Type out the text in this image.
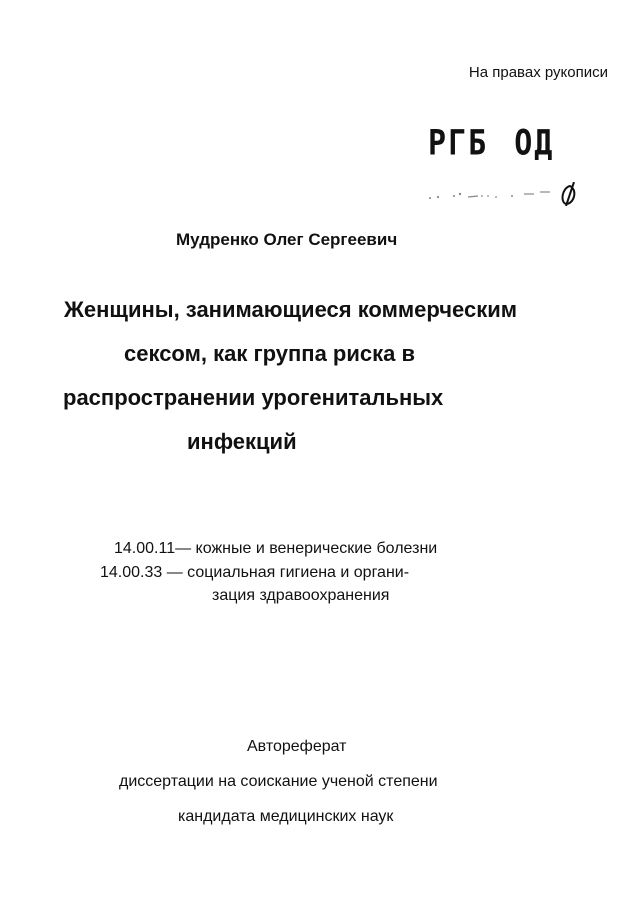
На правах рукописи
РГБ ОД
Мудренко Олег Сергеевич
Женщины, занимающиеся коммерческим
сексом, как группа риска в
распространении урогенитальных
инфекций
14.00.11— кожные и венерические болезни
14.00.33 — социальная гигиена и органи-
зация здравоохранения
Автореферат
диссертации на соискание ученой степени
кандидата медицинских наук
